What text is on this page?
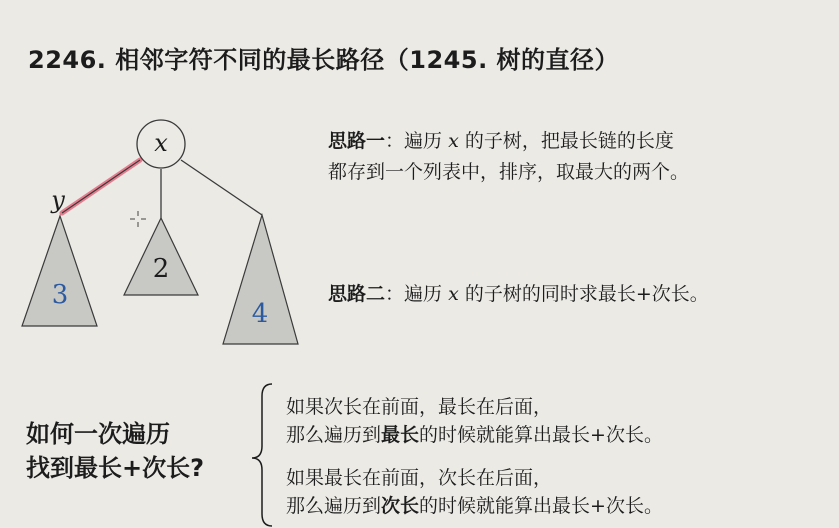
2246. 相邻字符不同的最长路径（1245. 树的直径）
x
y
3
2
4
思路一：遍历 x 的子树，把最长链的长度
都存到一个列表中，排序，取最大的两个。
思路二：遍历 x 的子树的同时求最长+次长。
如何一次遍历
找到最长+次长?
如果次长在前面，最长在后面，
那么遍历到最长的时候就能算出最长+次长。
如果最长在前面，次长在后面，
那么遍历到次长的时候就能算出最长+次长。
